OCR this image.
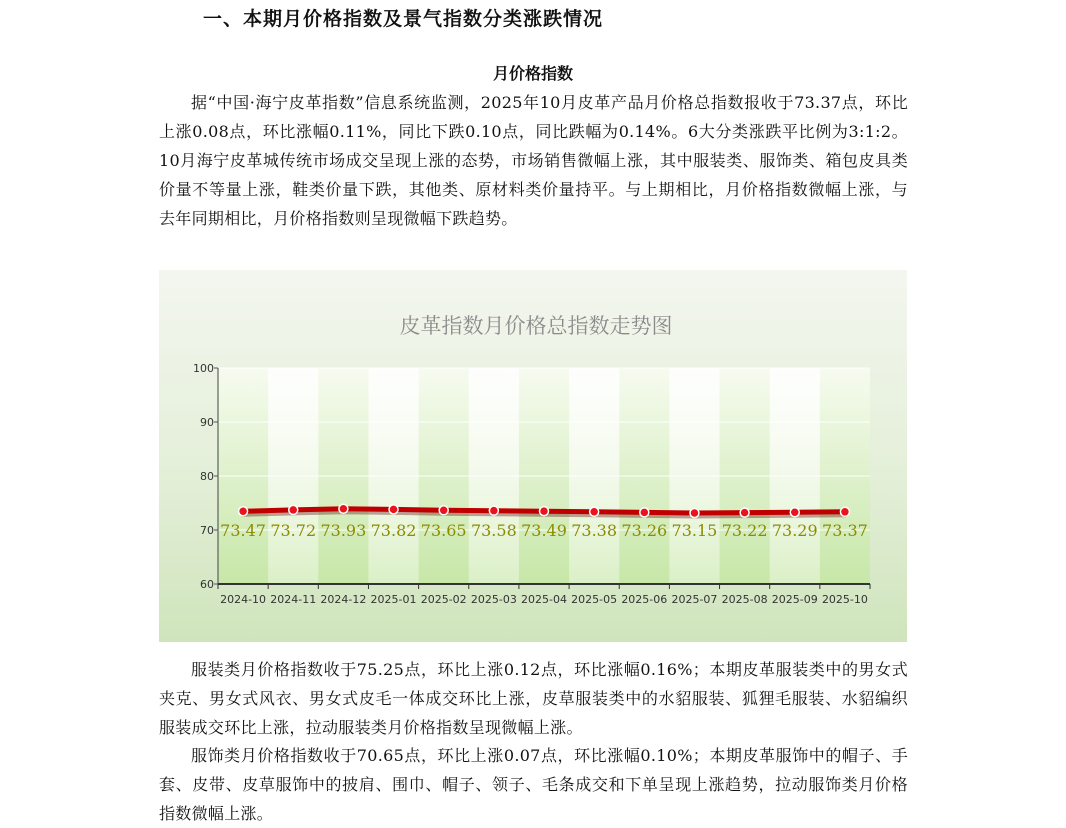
一、本期月价格指数及景气指数分类涨跌情况
月价格指数

据“中国·海宁皮革指数”信息系统监测，2025年10月皮革产品月价格总指数报收于73.37点，环比上涨0.08点，环比涨幅0.11%，同比下跌0.10点，同比跌幅为0.14%。6大分类涨跌平比例为3:1:2。10月海宁皮革城传统市场成交呈现上涨的态势，市场销售微幅上涨，其中服装类、服饰类、箱包皮具类价量不等量上涨，鞋类价量下跌，其他类、原材料类价量持平。与上期相比，月价格指数微幅上涨，与去年同期相比，月价格指数则呈现微幅下跌趋势。

皮革指数月价格总指数走势图
60
70
80
90
100
2024-10 2024-11 2024-12 2025-01 2025-02 2025-03 2025-04 2025-05 2025-06 2025-07 2025-08 2025-09 2025-10
73.47 73.72 73.93 73.82 73.65 73.58 73.49 73.38 73.26 73.15 73.22 73.29 73.37

服装类月价格指数收于75.25点，环比上涨0.12点，环比涨幅0.16%；本期皮革服装类中的男女式夹克、男女式风衣、男女式皮毛一体成交环比上涨，皮草服装类中的水貂服装、狐狸毛服装、水貂编织服装成交环比上涨，拉动服装类月价格指数呈现微幅上涨。

服饰类月价格指数收于70.65点，环比上涨0.07点，环比涨幅0.10%；本期皮革服饰中的帽子、手套、皮带、皮草服饰中的披肩、围巾、帽子、领子、毛条成交和下单呈现上涨趋势，拉动服饰类月价格指数微幅上涨。
